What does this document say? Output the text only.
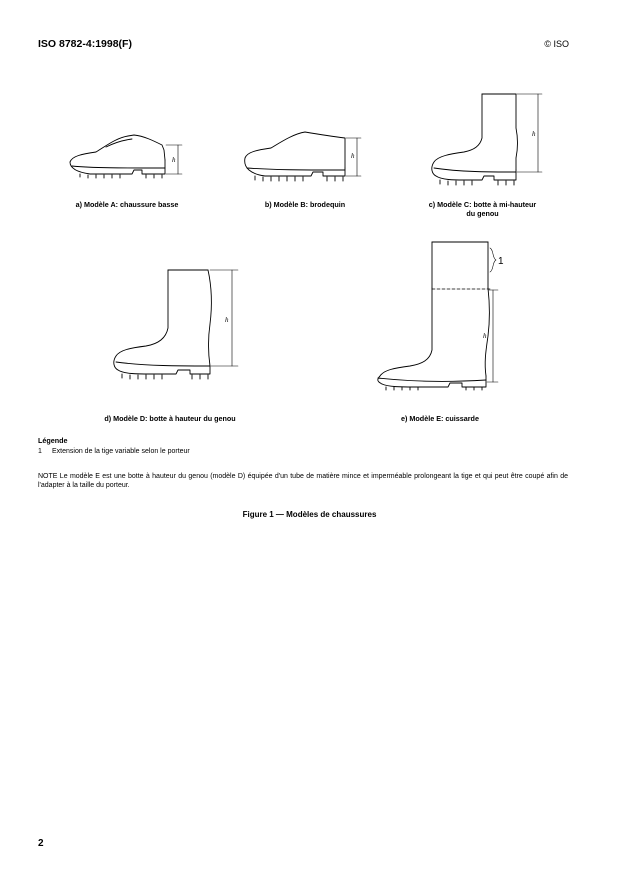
ISO 8782-4:1998(F)	© ISO
h
a) Modèle A: chaussure basse
h
b) Modèle B: brodequin
h
c) Modèle C: botte à mi-hauteur
du genou
h
d) Modèle D: botte à hauteur du genou
1
h
e) Modèle E: cuissarde
Légende
1 Extension de la tige variable selon le porteur
NOTE Le modèle E est une botte à hauteur du genou (modèle D) équipée d'un tube de matière mince et imperméable prolongeant la tige et qui peut être coupé afin de l'adapter à la taille du porteur.
Figure 1 — Modèles de chaussures
2
